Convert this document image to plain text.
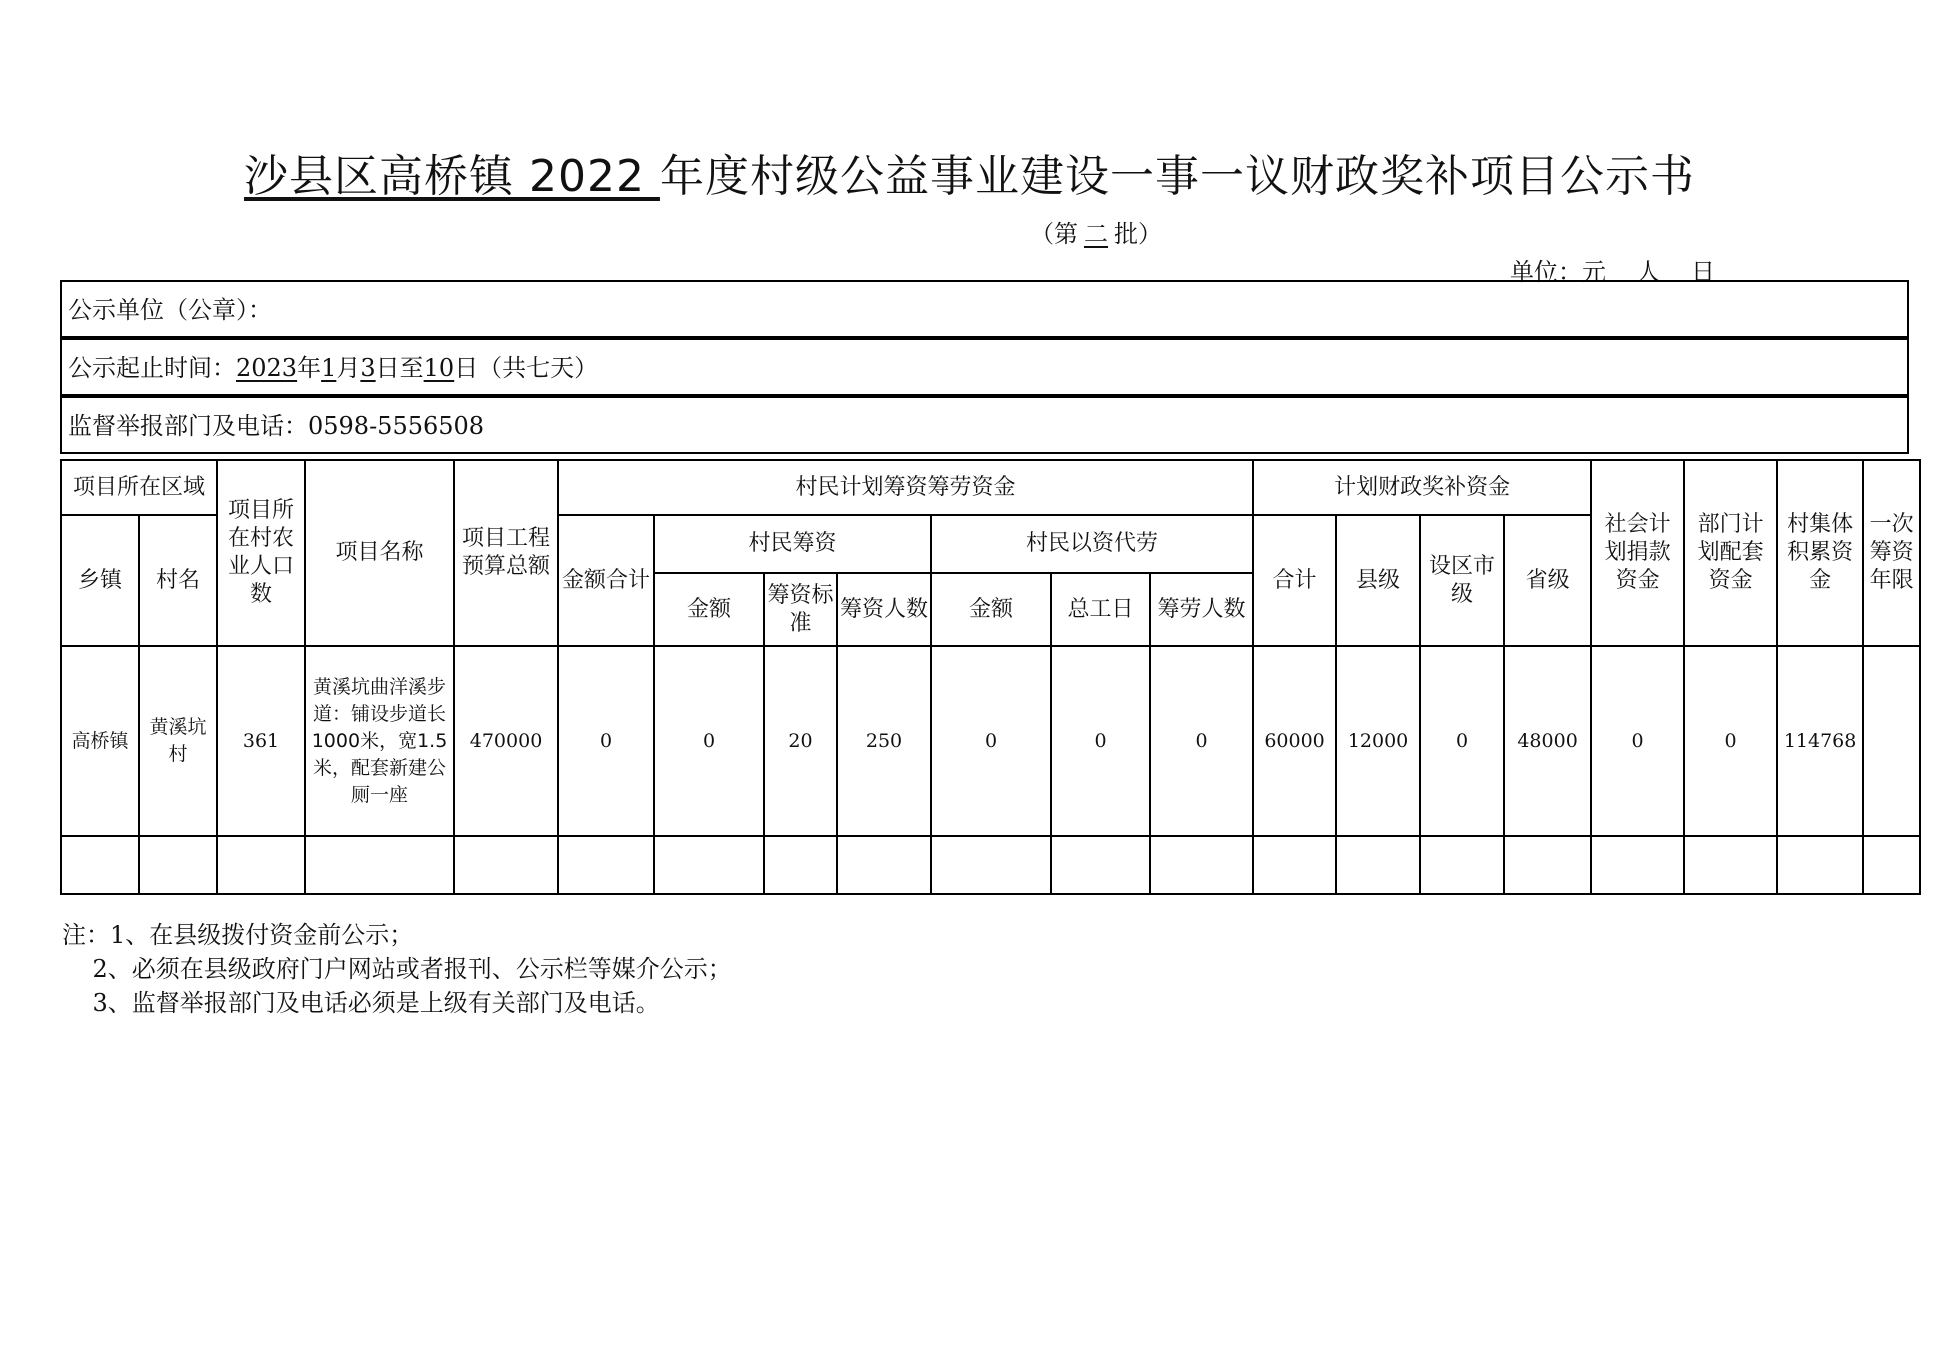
沙县区高桥镇 2022 年度村级公益事业建设一事一议财政奖补项目公示书
（第 二 批）
单位：元    人    日
公示单位（公章）：
公示起止时间：2023年1月3日至10日（共七天）
监督举报部门及电话：0598-5556508
项目所在区域		项目所在村农业人口数	项目名称	项目工程预算总额	村民计划筹资筹劳资金							计划财政奖补资金				社会计划捐款资金	部门计划配套资金	村集体积累资金	一次筹资年限
乡镇	村名				金额合计	村民筹资			村民以资代劳			合计	县级	设区市级	省级				
						金额	筹资标准	筹资人数	金额	总工日	筹劳人数								
高桥镇	黄溪坑村	361	黄溪坑曲洋溪步道：铺设步道长1000米，宽1.5米，配套新建公厕一座	470000	0	0	20	250	0	0	0	60000	12000	0	48000	0	0	114768	

注：1、在县级拨付资金前公示；
2、必须在县级政府门户网站或者报刊、公示栏等媒介公示；
3、监督举报部门及电话必须是上级有关部门及电话。
